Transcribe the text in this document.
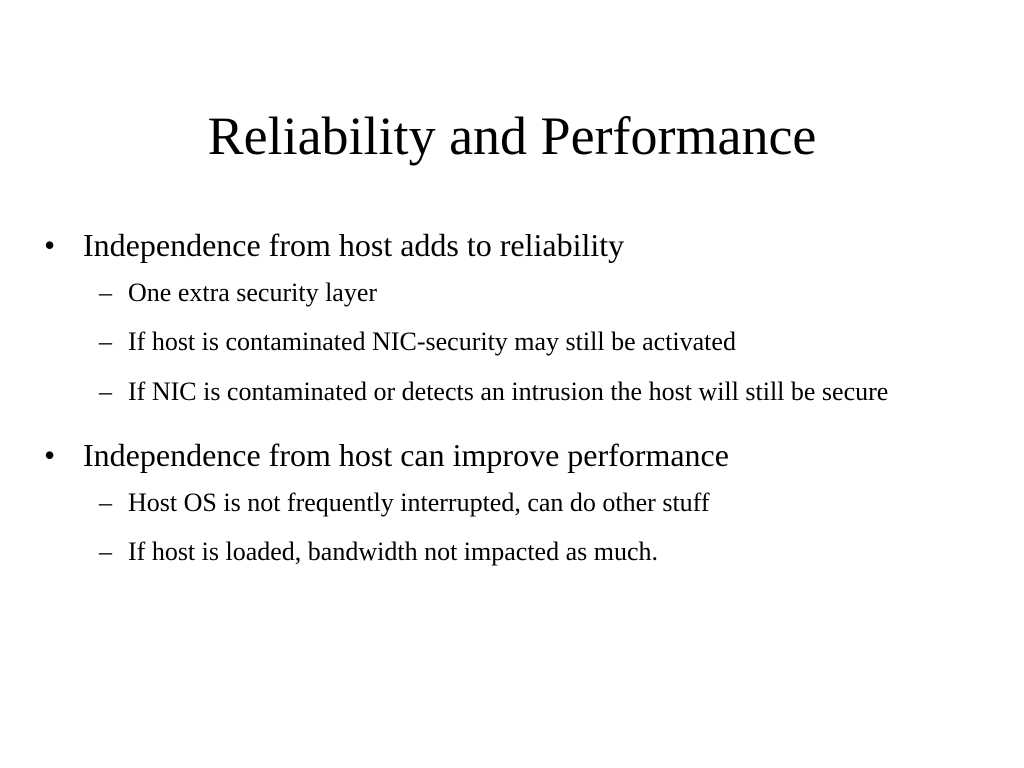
Reliability and Performance
• Independence from host adds to reliability
– One extra security layer
– If host is contaminated NIC-security may still be activated
– If NIC is contaminated or detects an intrusion the host will still be secure
• Independence from host can improve performance
– Host OS is not frequently interrupted, can do other stuff
– If host is loaded, bandwidth not impacted as much.
